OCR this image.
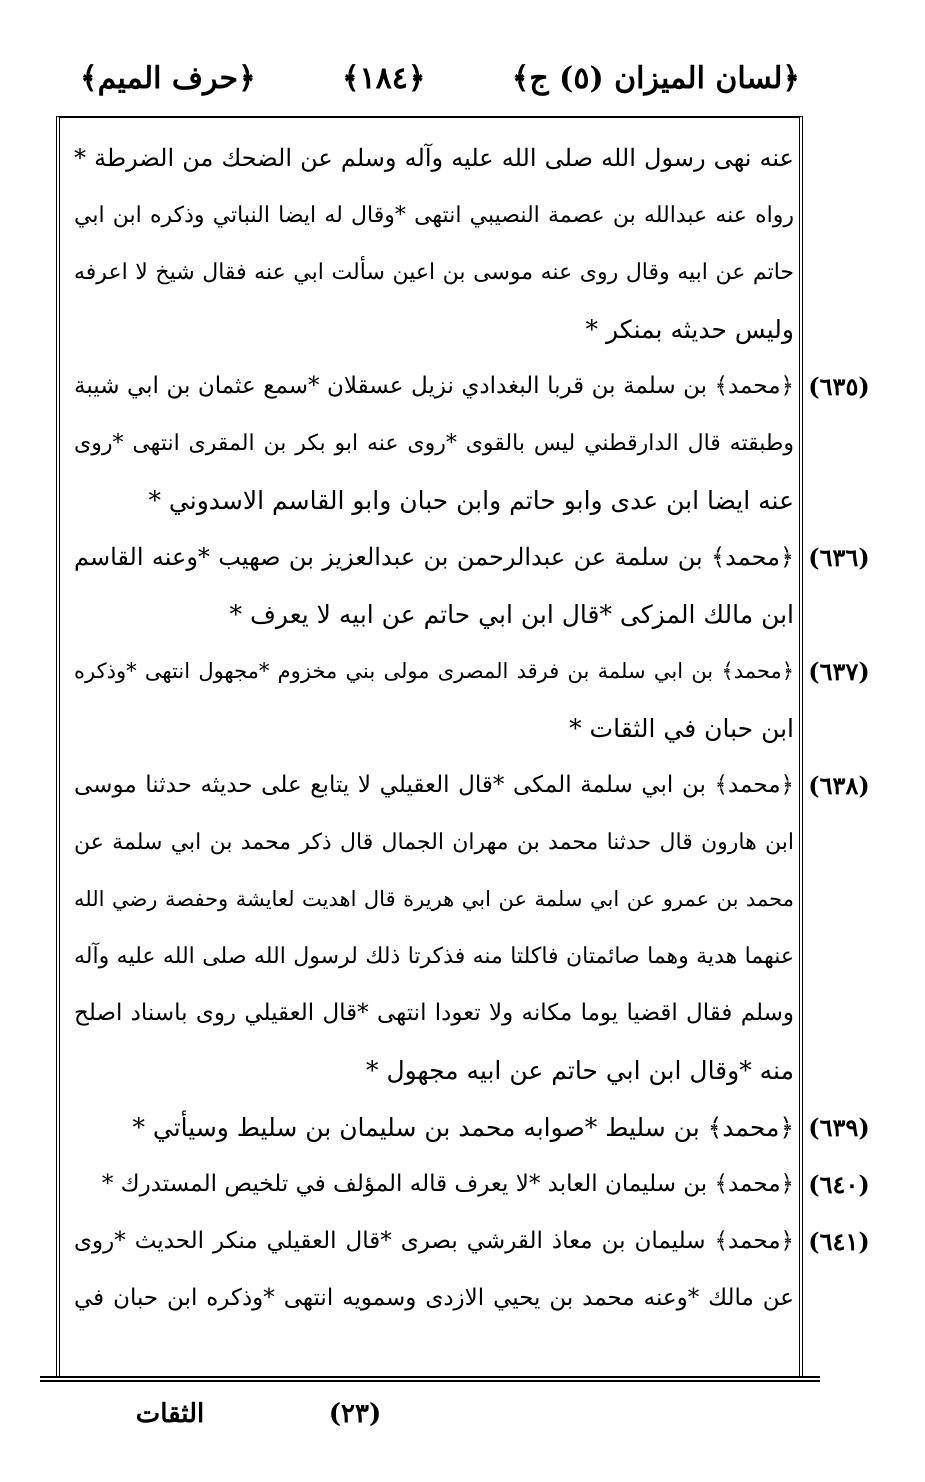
﴿لسان الميزان (٥) ج﴾
﴿١٨٤﴾
﴿حرف الميم﴾
عنه نهى رسول الله صلى الله عليه وآله وسلم عن الضحك من الضرطة *
رواه عنه عبدالله بن عصمة النصيبي انتهى *وقال له ايضا النباتي وذكره ابن ابي
حاتم عن ابيه وقال روى عنه موسى بن اعين سألت ابي عنه فقال شيخ لا اعرفه
وليس حديثه بمنكر *
﴿محمد﴾ بن سلمة بن قربا البغدادي نزيل عسقلان *سمع عثمان بن ابي شيبة
وطبقته قال الدارقطني ليس بالقوى *روى عنه ابو بكر بن المقرى انتهى *روى
عنه ايضا ابن عدى وابو حاتم وابن حبان وابو القاسم الاسدوني *
﴿محمد﴾ بن سلمة عن عبدالرحمن بن عبدالعزيز بن صهيب *وعنه القاسم
ابن مالك المزكى *قال ابن ابي حاتم عن ابيه لا يعرف *
﴿محمد﴾ بن ابي سلمة بن فرقد المصرى مولى بني مخزوم *مجهول انتهى *وذكره
ابن حبان في الثقات *
﴿محمد﴾ بن ابي سلمة المكى *قال العقيلي لا يتابع على حديثه حدثنا موسى
ابن هارون قال حدثنا محمد بن مهران الجمال قال ذكر محمد بن ابي سلمة عن
محمد بن عمرو عن ابي سلمة عن ابي هريرة قال اهديت لعايشة وحفصة رضي الله
عنهما هدية وهما صائمتان فاكلتا منه فذكرتا ذلك لرسول الله صلى الله عليه وآله
وسلم فقال اقضيا يوما مكانه ولا تعودا انتهى *قال العقيلي روى باسناد اصلح
منه *وقال ابن ابي حاتم عن ابيه مجهول *
﴿محمد﴾ بن سليط *صوابه محمد بن سليمان بن سليط وسيأتي *
﴿محمد﴾ بن سليمان العابد *لا يعرف قاله المؤلف في تلخيص المستدرك *
﴿محمد﴾ سليمان بن معاذ القرشي بصرى *قال العقيلي منكر الحديث *روى
عن مالك *وعنه محمد بن يحيي الازدى وسمويه انتهى *وذكره ابن حبان في
(٦٣٥)
(٦٣٦)
(٦٣٧)
(٦٣٨)
(٦٣٩)
(٦٤٠)
(٦٤١)
(٢٣)
الثقات
